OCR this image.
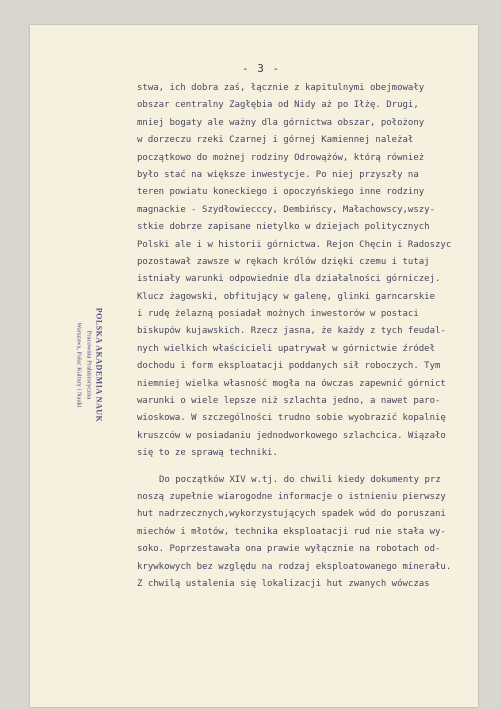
- 3 -
POLSKA AKADEMIA NAUK
Pracownia Prahistoryczna
Warszawa, Pałac Kultury i Nauki
stwa, ich dobra zaś, łącznie z kapitulnymi obejmowały
obszar centralny Zagłębia od Nidy aż po Iłżę. Drugi,
mniej bogaty ale ważny dla górnictwa obszar, położony
w dorzeczu rzeki Czarnej i górnej Kamiennej należał
początkowo do możnej rodziny Odrowążów, którą również
było stać na większe inwestycje. Po niej przyszły na
teren powiatu koneckiego i opoczyńskiego inne rodziny
magnackie - Szydłowiecccy, Dembińscy, Małachowscy,wszy-
stkie dobrze zapisane nietylko w dziejach politycznych
Polski ale i w historii górnictwa. Rejon Chęcin i Radoszyc
pozostawał zawsze w rękach królów dzięki czemu i tutaj
istniały warunki odpowiednie dla działalności górniczej.
Klucz żagowski, obfitujący w galenę, glinki garncarskie
i rudę żelazną posiadał możnych inwestorów w postaci
biskupów kujawskich. Rzecz jasna, że każdy z tych feudal-
nych wielkich właścicieli upatrywał w górnictwie źródeł
dochodu i form eksploatacji poddanych sił roboczych. Tym
niemniej wielka własność mogła na ówczas zapewnić górnict
warunki o wiele lepsze niż szlachta jedno, a nawet paro-
wioskowa. W szczególności trudno sobie wyobrazić kopalnię
kruszców w posiadaniu jednodworkowego szlachcica. Wiązało
się to ze sprawą techniki.
Do początków XIV w.tj. do chwili kiedy dokumenty prz
noszą zupełnie wiarogodne informacje o istnieniu pierwszy
hut nadrzecznych,wykorzystujących spadek wód do poruszani
miechów i młotów, technika eksploatacji rud nie stała wy-
soko. Poprzestawała ona prawie wyłącznie na robotach od-
krywkowych bez względu na rodzaj eksploatowanego minerału.
Z chwilą ustalenia się lokalizacji hut zwanych wówczas
